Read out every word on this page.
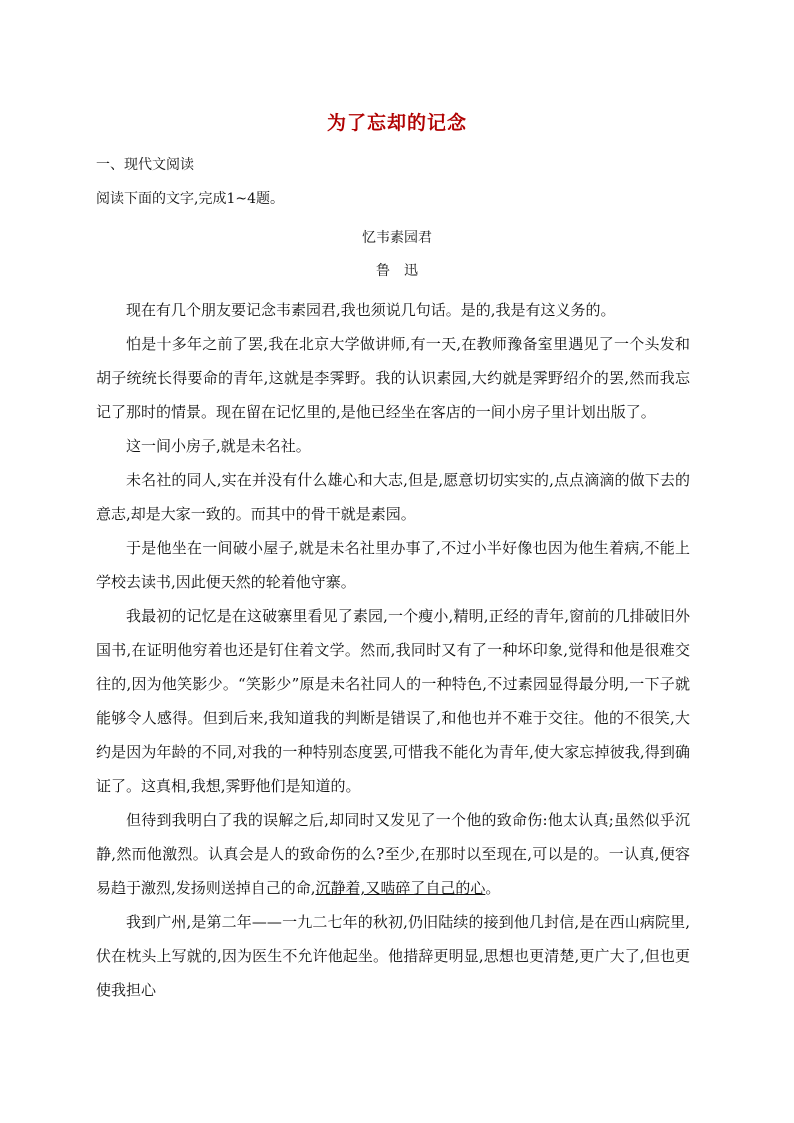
为了忘却的记念
一、现代文阅读
阅读下面的文字,完成1~4题。
忆韦素园君
鲁迅

现在有几个朋友要记念韦素园君,我也须说几句话。是的,我是有这义务的。

怕是十多年之前了罢,我在北京大学做讲师,有一天,在教师豫备室里遇见了一个头发和胡子统统长得要命的青年,这就是李霁野。我的认识素园,大约就是霁野绍介的罢,然而我忘记了那时的情景。现在留在记忆里的,是他已经坐在客店的一间小房子里计划出版了。

这一间小房子,就是未名社。

未名社的同人,实在并没有什么雄心和大志,但是,愿意切切实实的,点点滴滴的做下去的意志,却是大家一致的。而其中的骨干就是素园。

于是他坐在一间破小屋子,就是未名社里办事了,不过小半好像也因为他生着病,不能上学校去读书,因此便天然的轮着他守寨。

我最初的记忆是在这破寨里看见了素园,一个瘦小,精明,正经的青年,窗前的几排破旧外国书,在证明他穷着也还是钉住着文学。然而,我同时又有了一种坏印象,觉得和他是很难交往的,因为他笑影少。“笑影少”原是未名社同人的一种特色,不过素园显得最分明,一下子就能够令人感得。但到后来,我知道我的判断是错误了,和他也并不难于交往。他的不很笑,大约是因为年龄的不同,对我的一种特别态度罢,可惜我不能化为青年,使大家忘掉彼我,得到确证了。这真相,我想,霁野他们是知道的。

但待到我明白了我的误解之后,却同时又发见了一个他的致命伤:他太认真;虽然似乎沉静,然而他激烈。认真会是人的致命伤的么?至少,在那时以至现在,可以是的。一认真,便容易趋于激烈,发扬则送掉自己的命,沉静着,又啮碎了自己的心。

我到广州,是第二年——一九二七年的秋初,仍旧陆续的接到他几封信,是在西山病院里,伏在枕头上写就的,因为医生不允许他起坐。他措辞更明显,思想也更清楚,更广大了,但也更使我担心
